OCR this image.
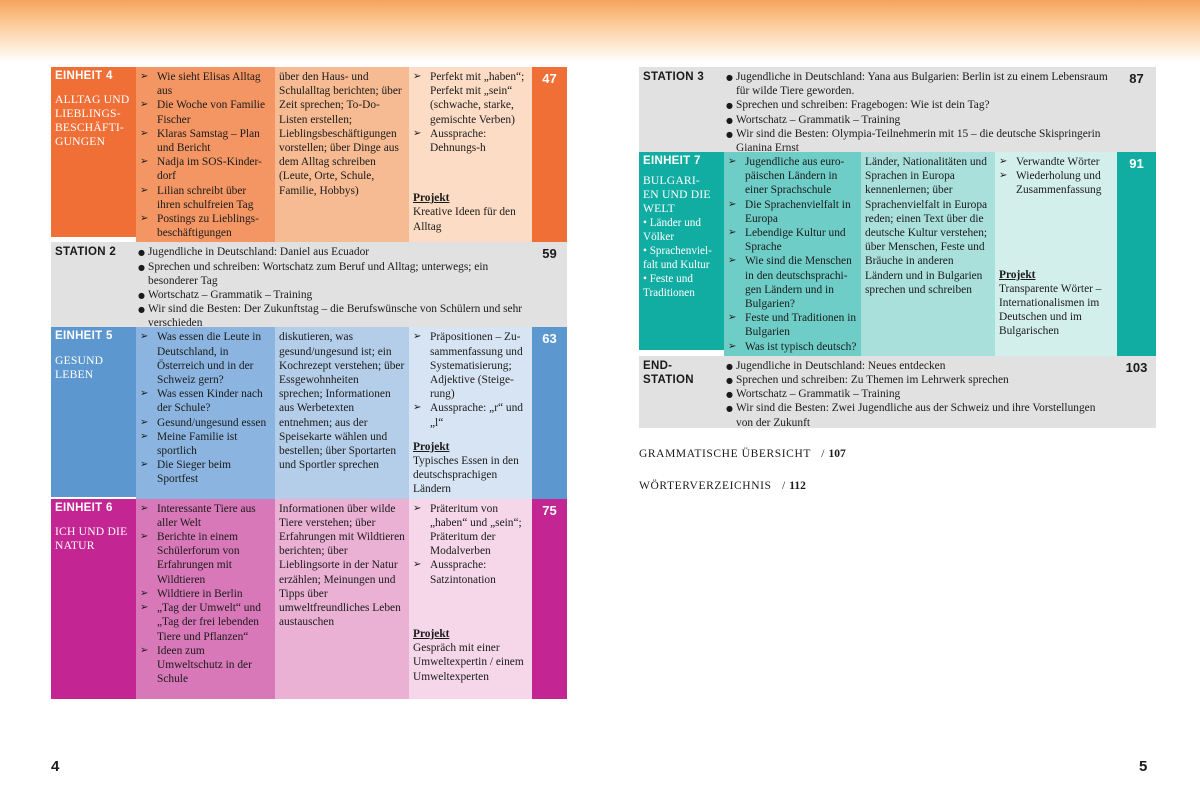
EINHEIT 4
ALLTAG UND
LIEBLINGS-
BESCHÄFTI-
GUNGEN
➢ Wie sieht Elisas Alltag aus
➢ Die Woche von Familie Fischer
➢ Klaras Samstag – Plan und Bericht
➢ Nadja im SOS-Kinder-dorf
➢ Lilian schreibt über ihren schulfreien Tag
➢ Postings zu Lieblings-beschäftigungen
über den Haus- und Schulalltag berichten; über Zeit sprechen; To-Do-Listen erstellen; Lieblingsbeschäftigungen vorstellen; über Dinge aus dem Alltag schreiben (Leute, Orte, Schule, Familie, Hobbys)
➢ Perfekt mit „haben“; Perfekt mit „sein“ (schwache, starke, gemischte Verben)
➢ Aussprache: Dehnungs-h
Projekt
Kreative Ideen für den Alltag
47
STATION 2	● Jugendliche in Deutschland: Daniel aus Ecuador
● Sprechen und schreiben: Wortschatz zum Beruf und Alltag; unterwegs; ein besonderer Tag
● Wortschatz – Grammatik – Training
● Wir sind die Besten: Der Zukunftstag – die Berufswünsche von Schülern und sehr verschieden
59
EINHEIT 5
GESUND
LEBEN
➢ Was essen die Leute in Deutschland, in Österreich und in der Schweiz gern?
➢ Was essen Kinder nach der Schule?
➢ Gesund/ungesund essen
➢ Meine Familie ist sportlich
➢ Die Sieger beim Sportfest
diskutieren, was gesund/ungesund ist; ein Kochrezept verstehen; über Essgewohnheiten sprechen; Informationen aus Werbetexten entnehmen; aus der Speisekarte wählen und bestellen; über Sportarten und Sportler sprechen
➢ Präpositionen – Zu-sammenfassung und Systematisierung; Adjektive (Steige-rung)
➢ Aussprache: „r“ und „l“
Projekt
Typisches Essen in den deutschsprachigen Ländern
63
EINHEIT 6
ICH UND DIE
NATUR
➢ Interessante Tiere aus aller Welt
➢ Berichte in einem Schülerforum von Erfahrungen mit Wildtieren
➢ Wildtiere in Berlin
➢ „Tag der Umwelt“ und „Tag der frei lebenden Tiere und Pflanzen“
➢ Ideen zum Umweltschutz in der Schule
Informationen über wilde Tiere verstehen; über Erfahrungen mit Wildtieren berichten; über Lieblingsorte in der Natur erzählen; Meinungen und Tipps über umweltfreundliches Leben austauschen
➢ Präteritum von „haben“ und „sein“; Präteritum der Modalverben
➢ Aussprache: Satzintonation
Projekt
Gespräch mit einer Umweltexpertin / einem Umweltexperten
75
4
STATION 3	● Jugendliche in Deutschland: Yana aus Bulgarien: Berlin ist zu einem Lebensraum für wilde Tiere geworden.
● Sprechen und schreiben: Fragebogen: Wie ist dein Tag?
● Wortschatz – Grammatik – Training
● Wir sind die Besten: Olympia-Teilnehmerin mit 15 – die deutsche Skispringerin Gianina Ernst
87
EINHEIT 7
BULGARI-
EN UND DIE
WELT
• Länder und
Völker
• Sprachenviel-
falt und Kultur
• Feste und
Traditionen
➢ Jugendliche aus euro-päischen Ländern in einer Sprachschule
➢ Die Sprachenvielfalt in Europa
➢ Lebendige Kultur und Sprache
➢ Wie sind die Menschen in den deutschsprachi-gen Ländern und in Bulgarien?
➢ Feste und Traditionen in Bulgarien
➢ Was ist typisch deutsch?
Länder, Nationalitäten und Sprachen in Europa kennenlernen; über Sprachenvielfalt in Europa reden; einen Text über die deutsche Kultur verstehen; über Menschen, Feste und Bräuche in anderen Ländern und in Bulgarien sprechen und schreiben
➢ Verwandte Wörter
➢ Wiederholung und Zusammenfassung
Projekt
Transparente Wörter – Internationalismen im Deutschen und im Bulgarischen
91
END-
STATION
● Jugendliche in Deutschland: Neues entdecken
● Sprechen und schreiben: Zu Themen im Lehrwerk sprechen
● Wortschatz – Grammatik – Training
● Wir sind die Besten: Zwei Jugendliche aus der Schweiz und ihre Vorstellungen von der Zukunft
103
GRAMMATISCHE ÜBERSICHT / 107
WÖRTERVERZEICHNIS / 112
5
